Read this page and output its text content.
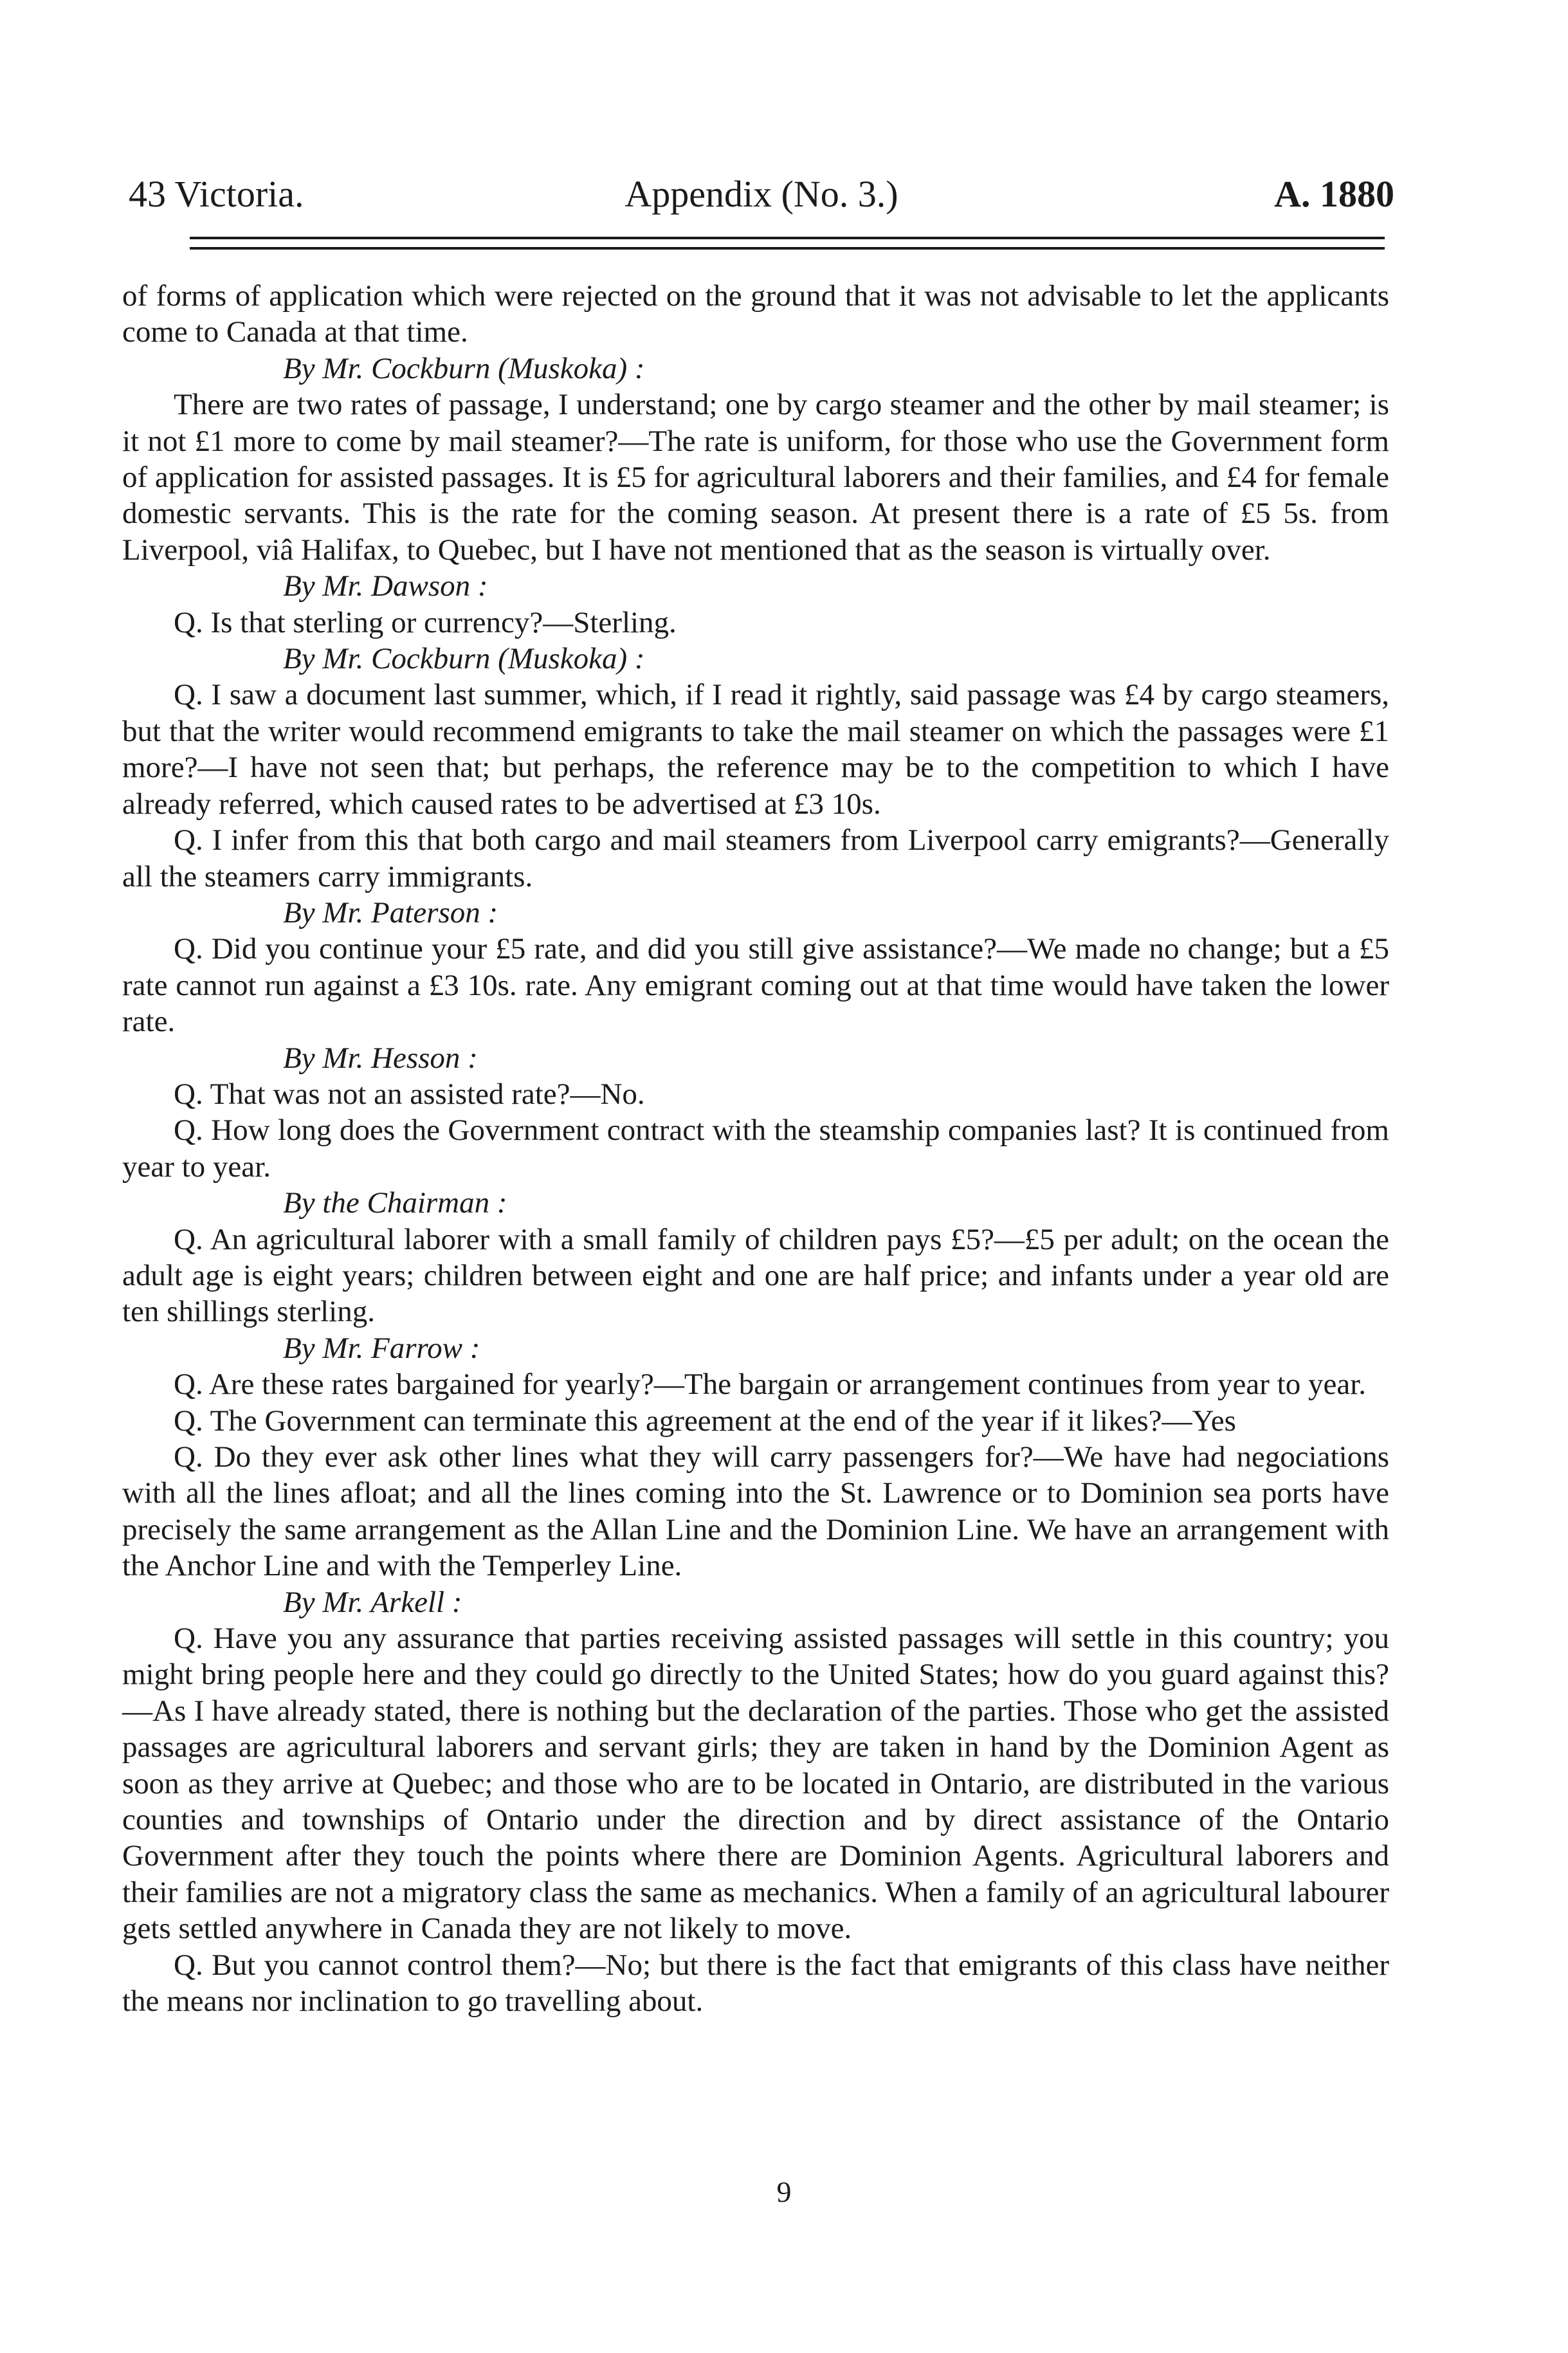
43 Victoria.	Appendix (No. 3.)	A. 1880

of forms of application which were rejected on the ground that it was not advisable to let the applicants come to Canada at that time.

By Mr. Cockburn (Muskoka) :

There are two rates of passage, I understand; one by cargo steamer and the other by mail steamer; is it not £1 more to come by mail steamer?—The rate is uniform, for those who use the Government form of application for assisted passages. It is £5 for agricultural laborers and their families, and £4 for female domestic servants. This is the rate for the coming season. At present there is a rate of £5 5s. from Liverpool, viâ Halifax, to Quebec, but I have not mentioned that as the season is virtually over.

By Mr. Dawson :

Q. Is that sterling or currency?—Sterling.

By Mr. Cockburn (Muskoka) :

Q. I saw a document last summer, which, if I read it rightly, said passage was £4 by cargo steamers, but that the writer would recommend emigrants to take the mail steamer on which the passages were £1 more?—I have not seen that; but perhaps, the reference may be to the competition to which I have already referred, which caused rates to be advertised at £3 10s.

Q. I infer from this that both cargo and mail steamers from Liverpool carry emigrants?—Generally all the steamers carry immigrants.

By Mr. Paterson :

Q. Did you continue your £5 rate, and did you still give assistance?—We made no change; but a £5 rate cannot run against a £3 10s. rate. Any emigrant coming out at that time would have taken the lower rate.

By Mr. Hesson :

Q. That was not an assisted rate?—No.

Q. How long does the Government contract with the steamship companies last? It is continued from year to year.

By the Chairman :

Q. An agricultural laborer with a small family of children pays £5?—£5 per adult; on the ocean the adult age is eight years; children between eight and one are half price; and infants under a year old are ten shillings sterling.

By Mr. Farrow :

Q. Are these rates bargained for yearly?—The bargain or arrangement continues from year to year.

Q. The Government can terminate this agreement at the end of the year if it likes?—Yes

Q. Do they ever ask other lines what they will carry passengers for?—We have had negociations with all the lines afloat; and all the lines coming into the St. Lawrence or to Dominion sea ports have precisely the same arrangement as the Allan Line and the Dominion Line. We have an arrangement with the Anchor Line and with the Temperley Line.

By Mr. Arkell :

Q. Have you any assurance that parties receiving assisted passages will settle in this country; you might bring people here and they could go directly to the United States; how do you guard against this?—As I have already stated, there is nothing but the declaration of the parties. Those who get the assisted passages are agricultural laborers and servant girls; they are taken in hand by the Dominion Agent as soon as they arrive at Quebec; and those who are to be located in Ontario, are distributed in the various counties and townships of Ontario under the direction and by direct assistance of the Ontario Government after they touch the points where there are Dominion Agents. Agricultural laborers and their families are not a migratory class the same as mechanics. When a family of an agricultural labourer gets settled anywhere in Canada they are not likely to move.

Q. But you cannot control them?—No; but there is the fact that emigrants of this class have neither the means nor inclination to go travelling about.

9
